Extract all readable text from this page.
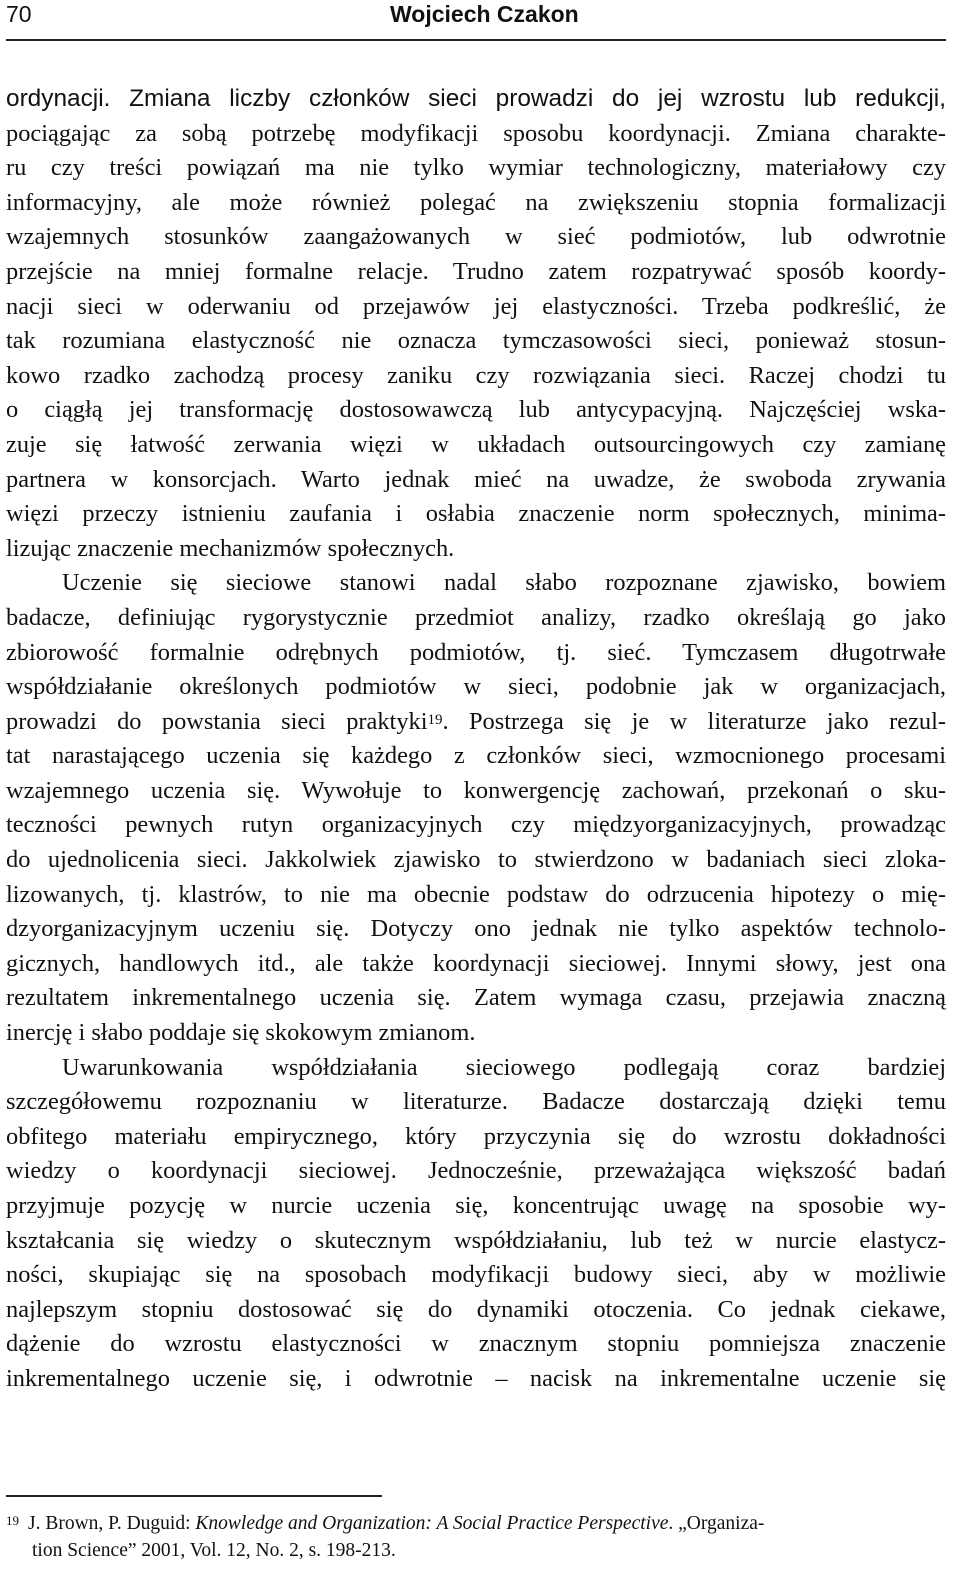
70	Wojciech Czakon
ordynacji. Zmiana liczby członków sieci prowadzi do jej wzrostu lub redukcji,
pociągając za sobą potrzebę modyfikacji sposobu koordynacji. Zmiana charakte-
ru czy treści powiązań ma nie tylko wymiar technologiczny, materiałowy czy
informacyjny, ale może również polegać na zwiększeniu stopnia formalizacji
wzajemnych stosunków zaangażowanych w sieć podmiotów, lub odwrotnie
przejście na mniej formalne relacje. Trudno zatem rozpatrywać sposób koordy-
nacji sieci w oderwaniu od przejawów jej elastyczności. Trzeba podkreślić, że
tak rozumiana elastyczność nie oznacza tymczasowości sieci, ponieważ stosun-
kowo rzadko zachodzą procesy zaniku czy rozwiązania sieci. Raczej chodzi tu
o ciągłą jej transformację dostosowawczą lub antycypacyjną. Najczęściej wska-
zuje się łatwość zerwania więzi w układach outsourcingowych czy zamianę
partnera w konsorcjach. Warto jednak mieć na uwadze, że swoboda zrywania
więzi przeczy istnieniu zaufania i osłabia znaczenie norm społecznych, minima-
lizując znaczenie mechanizmów społecznych.
Uczenie się sieciowe stanowi nadal słabo rozpoznane zjawisko, bowiem
badacze, definiując rygorystycznie przedmiot analizy, rzadko określają go jako
zbiorowość formalnie odrębnych podmiotów, tj. sieć. Tymczasem długotrwałe
współdziałanie określonych podmiotów w sieci, podobnie jak w organizacjach,
prowadzi do powstania sieci praktyki$^{19}$. Postrzega się je w literaturze jako rezul-
tat narastającego uczenia się każdego z członków sieci, wzmocnionego procesami
wzajemnego uczenia się. Wywołuje to konwergencję zachowań, przekonań o sku-
teczności pewnych rutyn organizacyjnych czy międzyorganizacyjnych, prowadząc
do ujednolicenia sieci. Jakkolwiek zjawisko to stwierdzono w badaniach sieci zloka-
lizowanych, tj. klastrów, to nie ma obecnie podstaw do odrzucenia hipotezy o mię-
dzyorganizacyjnym uczeniu się. Dotyczy ono jednak nie tylko aspektów technolo-
gicznych, handlowych itd., ale także koordynacji sieciowej. Innymi słowy, jest ona
rezultatem inkrementalnego uczenia się. Zatem wymaga czasu, przejawia znaczną
inercję i słabo poddaje się skokowym zmianom.
Uwarunkowania współdziałania sieciowego podlegają coraz bardziej
szczegółowemu rozpoznaniu w literaturze. Badacze dostarczają dzięki temu
obfitego materiału empirycznego, który przyczynia się do wzrostu dokładności
wiedzy o koordynacji sieciowej. Jednocześnie, przeważająca większość badań
przyjmuje pozycję w nurcie uczenia się, koncentrując uwagę na sposobie wy-
kształcania się wiedzy o skutecznym współdziałaniu, lub też w nurcie elastycz-
ności, skupiając się na sposobach modyfikacji budowy sieci, aby w możliwie
najlepszym stopniu dostosować się do dynamiki otoczenia. Co jednak ciekawe,
dążenie do wzrostu elastyczności w znacznym stopniu pomniejsza znaczenie
inkrementalnego uczenie się, i odwrotnie – nacisk na inkrementalne uczenie się
19 J. Brown, P. Duguid: Knowledge and Organization: A Social Practice Perspective. „Organiza-
tion Science” 2001, Vol. 12, No. 2, s. 198-213.
